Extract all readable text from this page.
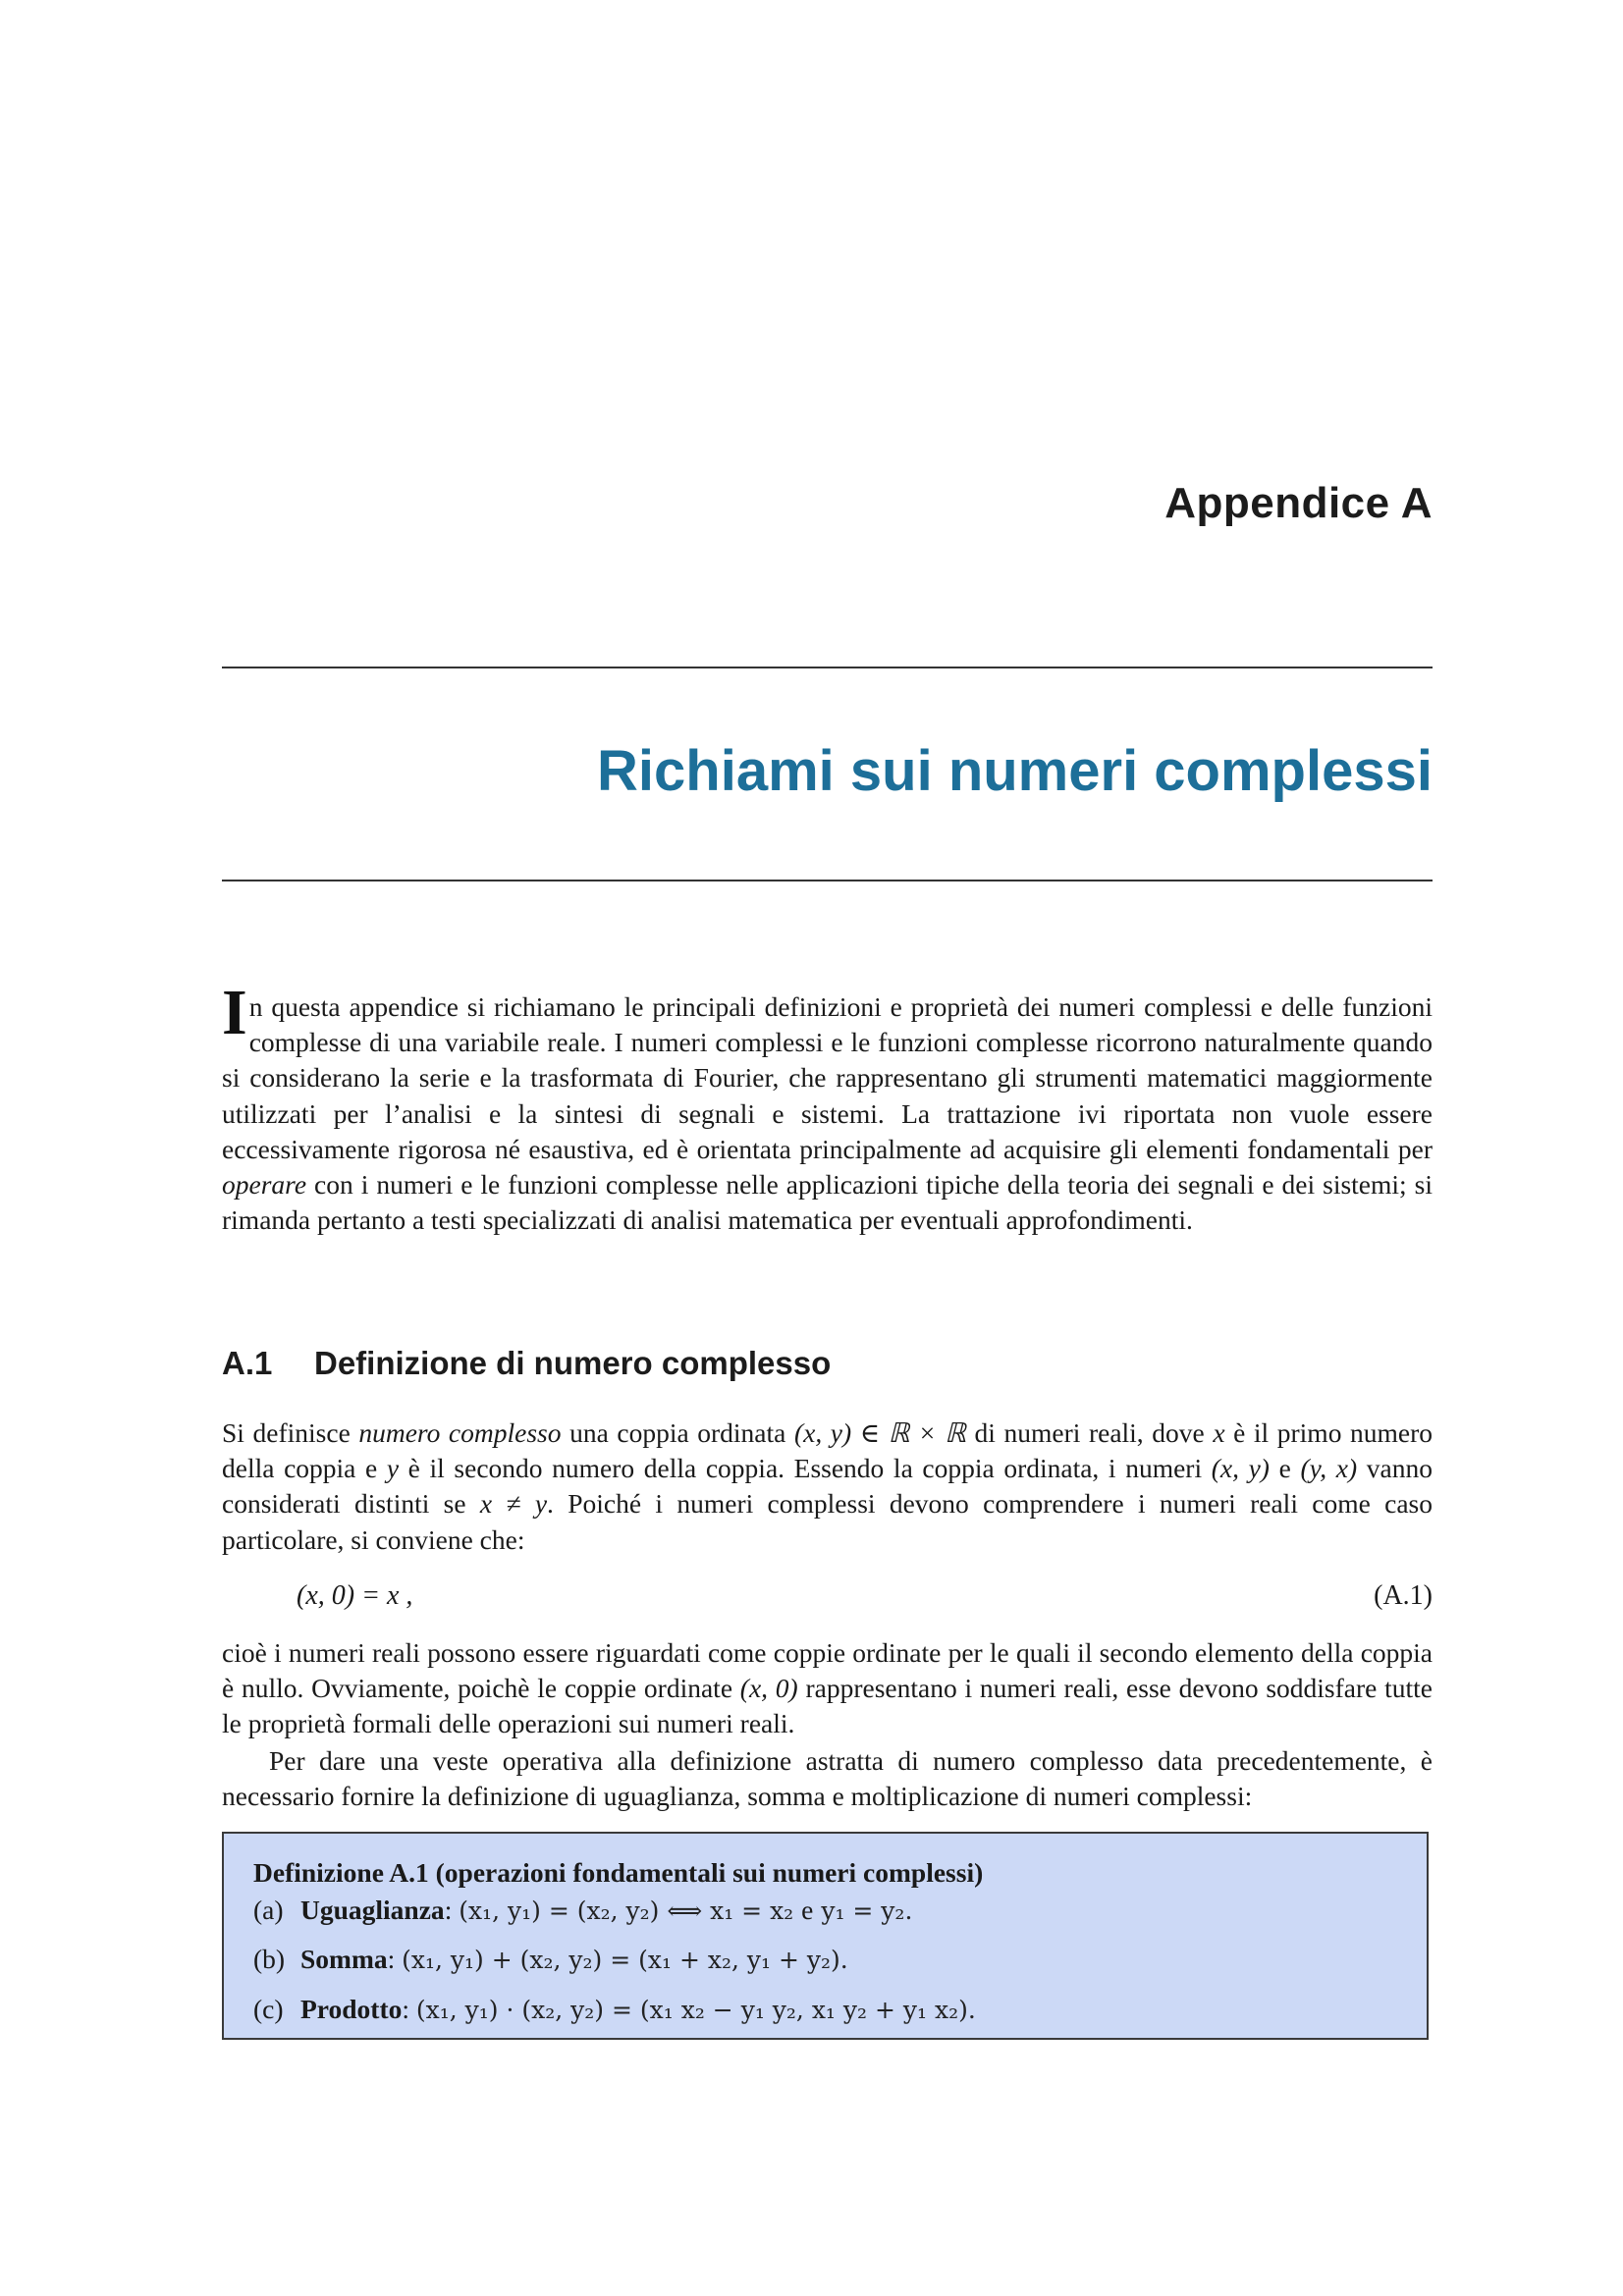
Appendice A
Richiami sui numeri complessi
In questa appendice si richiamano le principali definizioni e proprietà dei numeri complessi e delle funzioni complesse di una variabile reale. I numeri complessi e le funzioni complesse ricorrono naturalmente quando si considerano la serie e la trasformata di Fourier, che rappresentano gli strumenti matematici maggiormente utilizzati per l’analisi e la sintesi di segnali e sistemi. La trattazione ivi riportata non vuole essere eccessivamente rigorosa né esaustiva, ed è orientata principalmente ad acquisire gli elementi fondamentali per operare con i numeri e le funzioni complesse nelle applicazioni tipiche della teoria dei segnali e dei sistemi; si rimanda pertanto a testi specializzati di analisi matematica per eventuali approfondimenti.
A.1 Definizione di numero complesso
Si definisce numero complesso una coppia ordinata (x, y) ∈ ℝ × ℝ di numeri reali, dove x è il primo numero della coppia e y è il secondo numero della coppia. Essendo la coppia ordinata, i numeri (x, y) e (y, x) vanno considerati distinti se x ≠ y. Poiché i numeri complessi devono comprendere i numeri reali come caso particolare, si conviene che:
(x, 0) = x ,	(A.1)
cioè i numeri reali possono essere riguardati come coppie ordinate per le quali il secondo elemento della coppia è nullo. Ovviamente, poichè le coppie ordinate (x, 0) rappresentano i numeri reali, esse devono soddisfare tutte le proprietà formali delle operazioni sui numeri reali.
Per dare una veste operativa alla definizione astratta di numero complesso data precedentemente, è necessario fornire la definizione di uguaglianza, somma e moltiplicazione di numeri complessi:
Definizione A.1 (operazioni fondamentali sui numeri complessi)
(a) Uguaglianza: (x₁, y₁) = (x₂, y₂) ⟺ x₁ = x₂ e y₁ = y₂.
(b) Somma: (x₁, y₁) + (x₂, y₂) = (x₁ + x₂, y₁ + y₂).
(c) Prodotto: (x₁, y₁) · (x₂, y₂) = (x₁ x₂ − y₁ y₂, x₁ y₂ + y₁ x₂).
